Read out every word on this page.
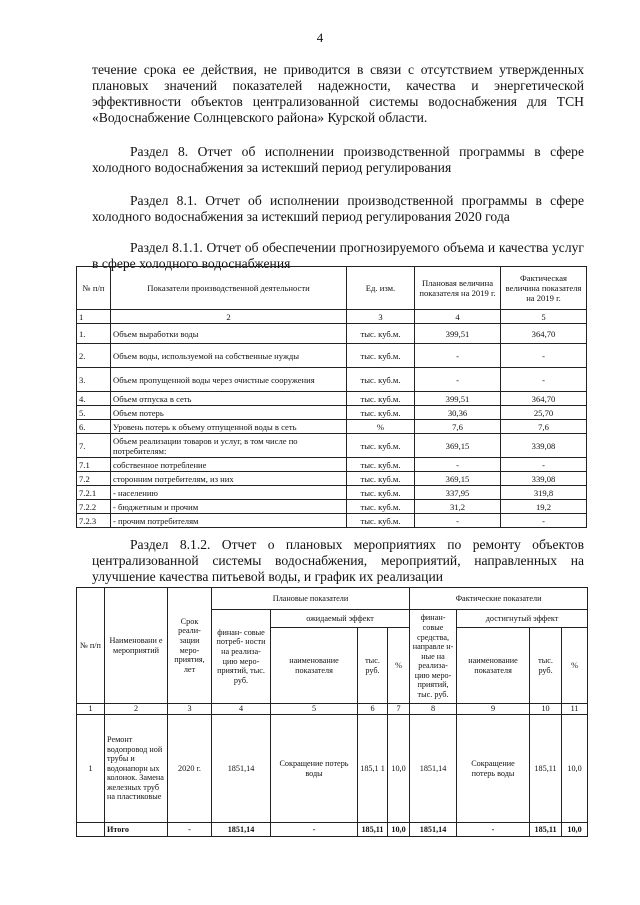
4
течение срока ее действия, не приводится в связи с отсутствием утвержденных плановых значений показателей надежности, качества и энергетической эффективности объектов централизованной системы водоснабжения для ТСН «Водоснабжение Солнцевского района» Курской области.
Раздел 8. Отчет об исполнении производственной программы в сфере холодного водоснабжения за истекший период регулирования
Раздел 8.1. Отчет об исполнении производственной программы в сфере холодного водоснабжения за истекший период регулирования 2020 года
Раздел 8.1.1. Отчет об обеспечении прогнозируемого объема и качества услуг в сфере холодного водоснабжения
№ п/п	Показатели производственной деятельности	Ед. изм.	Плановая величина показателя на 2019 г.	Фактическая величина показателя на 2019 г.
1	2	3	4	5
1.	Объем выработки воды	тыс. куб.м.	399,51	364,70
2.	Объем воды, используемой на собственные нужды	тыс. куб.м.	-	-
3.	Объем пропущенной воды через очистные сооружения	тыс. куб.м.	-	-
4.	Объем отпуска в сеть	тыс. куб.м.	399,51	364,70
5.	Объем потерь	тыс. куб.м.	30,36	25,70
6.	Уровень потерь к объему отпущенной воды в сеть	%	7,6	7,6
7.	Объем реализации товаров и услуг, в том числе по потребителям:	тыс. куб.м.	369,15	339,08
7.1	собственное потребление	тыс. куб.м.	-	-
7.2	сторонним потребителям, из них	тыс. куб.м.	369,15	339,08
7.2.1	- населению	тыс. куб.м.	337,95	319,8
7.2.2	- бюджетным и прочим	тыс. куб.м.	31,2	19,2
7.2.3	- прочим потребителям	тыс. куб.м.	-	-
Раздел 8.1.2. Отчет о плановых мероприятиях по ремонту объектов централизованной системы водоснабжения, мероприятий, направленных на улучшение качества питьевой воды, и график их реализации
№ п/п	Наименовани е мероприятий	Срок реали- зации меро- приятия, лет	Плановые показатели				Фактические показатели			
			финан- совые потреб- ности на реализа- цию меро- приятий, тыс. руб.	ожидаемый эффект			финан- совые средства, направле н-ные на реализа- цию меро- приятий, тыс. руб.	достигнутый эффект		
				наименование показателя	тыс. руб.	%		наименование показателя	тыс. руб.	%
1	2	3	4	5	6	7	8	9	10	11
1	Ремонт водопровод ной трубы и водонапорн ых колонок. Замена железных труб на пластиковые	2020 г.	1851,14	Сокращение потерь воды	185,1 1	10,0	1851,14	Сокращение потерь воды	185,11	10,0
	Итого	-	1851,14	-	185,11	10,0	1851,14	-	185,11	10,0
